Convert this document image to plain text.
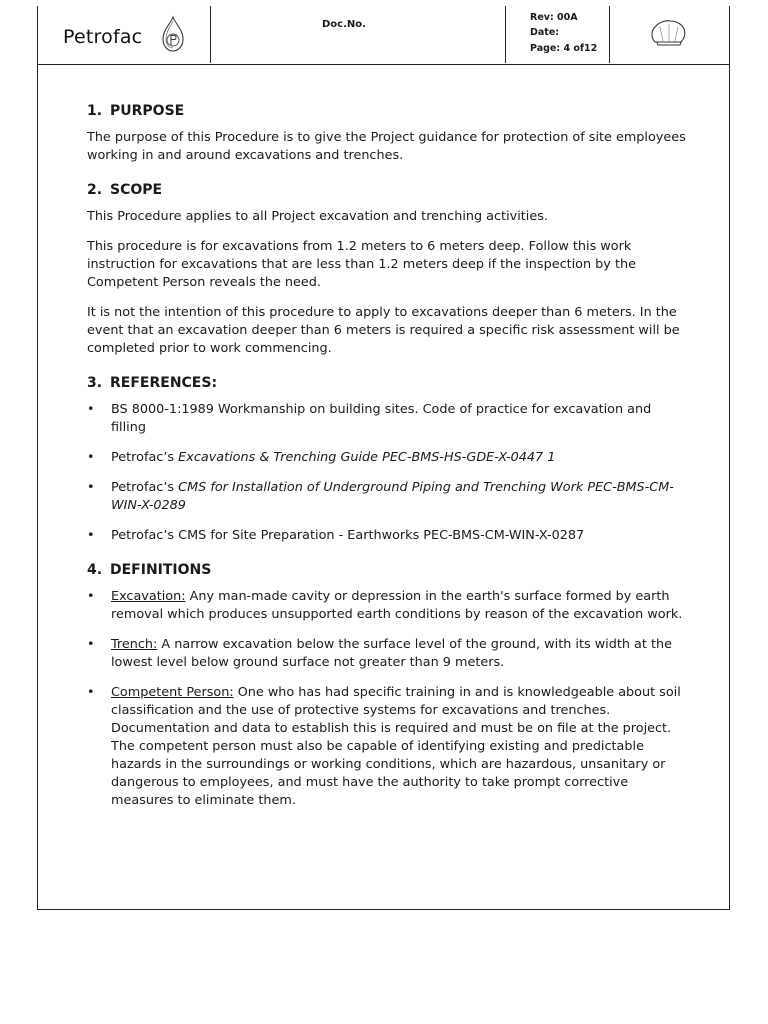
Petrofac
Doc.No.
Rev: 00A
Date:
Page: 4 of12
1. PURPOSE

The purpose of this Procedure is to give the Project guidance for protection of site employees working in and around excavations and trenches.

2. SCOPE

This Procedure applies to all Project excavation and trenching activities.

This procedure is for excavations from 1.2 meters to 6 meters deep. Follow this work instruction for excavations that are less than 1.2 meters deep if the inspection by the Competent Person reveals the need.

It is not the intention of this procedure to apply to excavations deeper than 6 meters. In the event that an excavation deeper than 6 meters is required a specific risk assessment will be completed prior to work commencing.

3. REFERENCES:
• BS 8000-1:1989 Workmanship on building sites. Code of practice for excavation and filling
• Petrofac’s Excavations & Trenching Guide PEC-BMS-HS-GDE-X-0447 1
• Petrofac’s CMS for Installation of Underground Piping and Trenching Work PEC-BMS-CM-WIN-X-0289
• Petrofac’s CMS for Site Preparation - Earthworks PEC-BMS-CM-WIN-X-0287
4. DEFINITIONS
• Excavation: Any man-made cavity or depression in the earth's surface formed by earth removal which produces unsupported earth conditions by reason of the excavation work.
• Trench: A narrow excavation below the surface level of the ground, with its width at the lowest level below ground surface not greater than 9 meters.
• Competent Person: One who has had specific training in and is knowledgeable about soil classification and the use of protective systems for excavations and trenches. Documentation and data to establish this is required and must be on file at the project. The competent person must also be capable of identifying existing and predictable hazards in the surroundings or working conditions, which are hazardous, unsanitary or dangerous to employees, and must have the authority to take prompt corrective measures to eliminate them.
